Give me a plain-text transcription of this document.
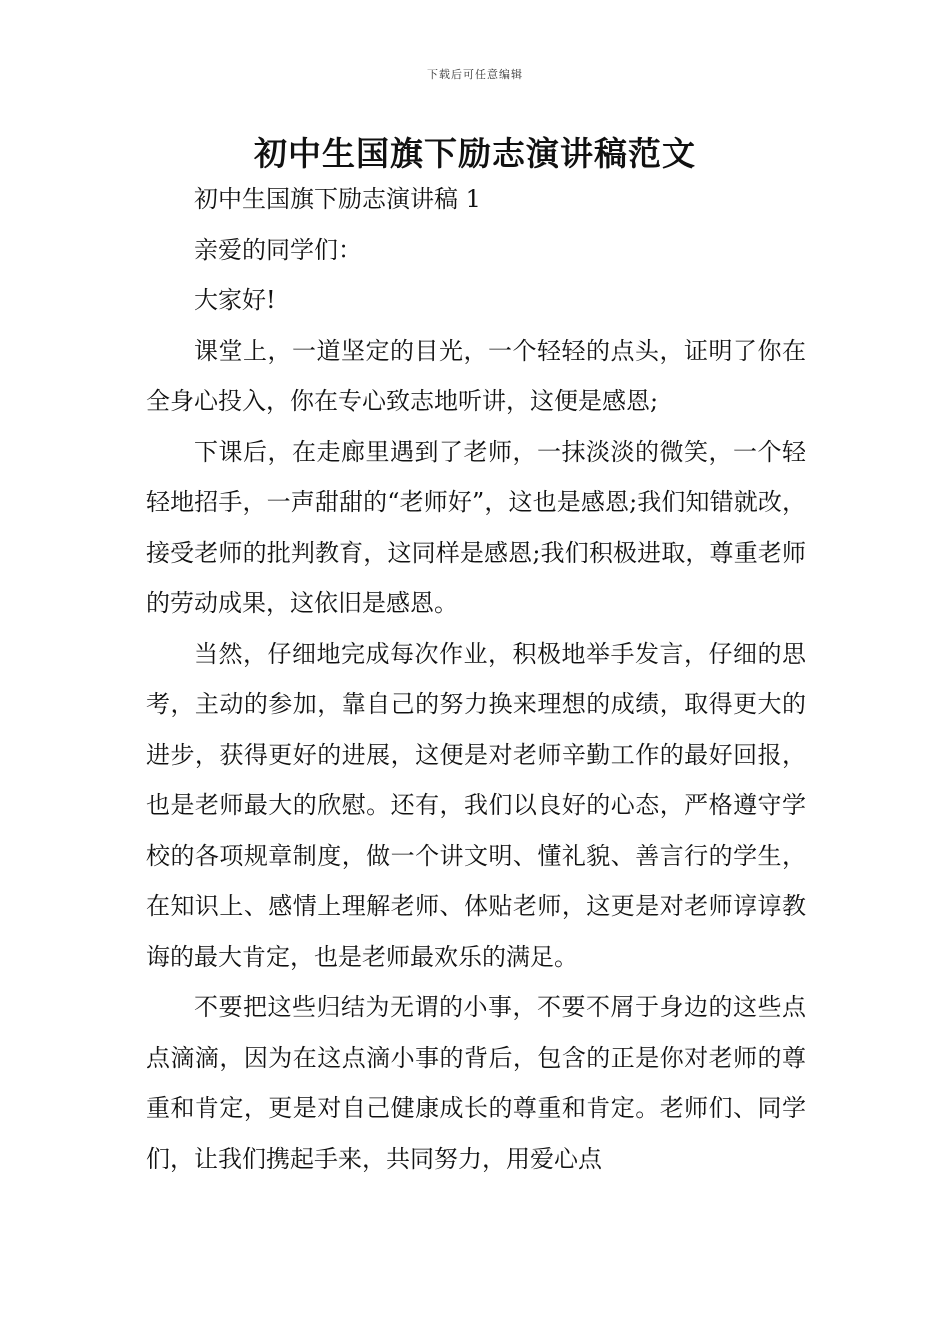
下载后可任意编辑
初中生国旗下励志演讲稿范文

初中生国旗下励志演讲稿 1

亲爱的同学们：

大家好!

课堂上，一道坚定的目光，一个轻轻的点头，证明了你在全身心投入，你在专心致志地听讲，这便是感恩;

下课后，在走廊里遇到了老师，一抹淡淡的微笑，一个轻轻地招手，一声甜甜的“老师好”，这也是感恩;我们知错就改，接受老师的批判教育，这同样是感恩;我们积极进取，尊重老师的劳动成果，这依旧是感恩。

当然，仔细地完成每次作业，积极地举手发言，仔细的思考，主动的参加，靠自己的努力换来理想的成绩，取得更大的进步，获得更好的进展，这便是对老师辛勤工作的最好回报，也是老师最大的欣慰。还有，我们以良好的心态，严格遵守学校的各项规章制度，做一个讲文明、懂礼貌、善言行的学生，在知识上、感情上理解老师、体贴老师，这更是对老师谆谆教诲的最大肯定，也是老师最欢乐的满足。

不要把这些归结为无谓的小事，不要不屑于身边的这些点点滴滴，因为在这点滴小事的背后，包含的正是你对老师的尊重和肯定，更是对自己健康成长的尊重和肯定。老师们、同学们，让我们携起手来，共同努力，用爱心点
